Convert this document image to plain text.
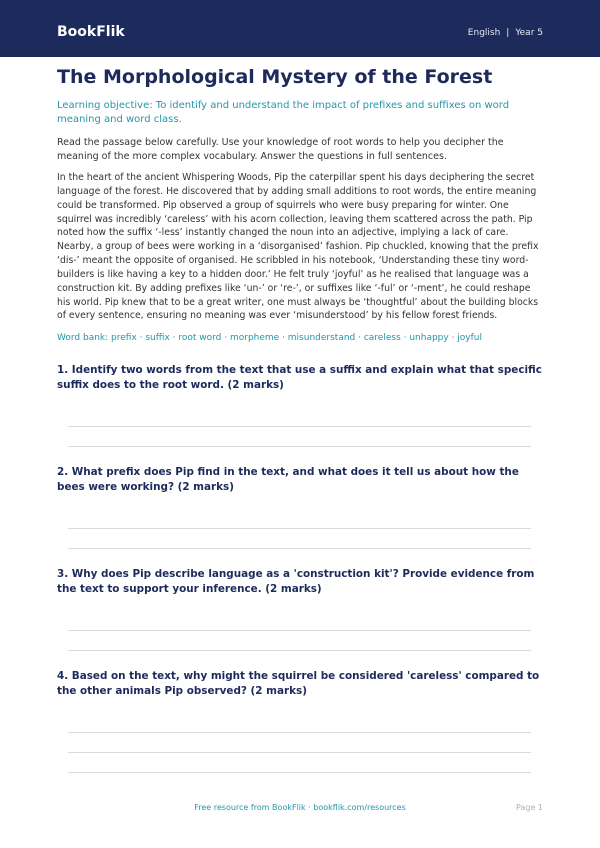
BookFlik	English | Year 5
The Morphological Mystery of the Forest

Learning objective: To identify and understand the impact of prefixes and suffixes on word meaning and word class.

Read the passage below carefully. Use your knowledge of root words to help you decipher the meaning of the more complex vocabulary. Answer the questions in full sentences.

In the heart of the ancient Whispering Woods, Pip the caterpillar spent his days deciphering the secret language of the forest. He discovered that by adding small additions to root words, the entire meaning could be transformed. Pip observed a group of squirrels who were busy preparing for winter. One squirrel was incredibly ‘careless’ with his acorn collection, leaving them scattered across the path. Pip noted how the suffix ‘-less’ instantly changed the noun into an adjective, implying a lack of care. Nearby, a group of bees were working in a ‘disorganised’ fashion. Pip chuckled, knowing that the prefix ‘dis-’ meant the opposite of organised. He scribbled in his notebook, ‘Understanding these tiny word-builders is like having a key to a hidden door.’ He felt truly ‘joyful’ as he realised that language was a construction kit. By adding prefixes like ‘un-’ or ‘re-’, or suffixes like ‘-ful’ or ‘-ment’, he could reshape his world. Pip knew that to be a great writer, one must always be ‘thoughtful’ about the building blocks of every sentence, ensuring no meaning was ever ‘misunderstood’ by his fellow forest friends.

Word bank: prefix · suffix · root word · morpheme · misunderstand · careless · unhappy · joyful

1. Identify two words from the text that use a suffix and explain what that specific suffix does to the root word. (2 marks)

2. What prefix does Pip find in the text, and what does it tell us about how the bees were working? (2 marks)

3. Why does Pip describe language as a 'construction kit'? Provide evidence from the text to support your inference. (2 marks)

4. Based on the text, why might the squirrel be considered 'careless' compared to the other animals Pip observed? (2 marks)

Free resource from BookFlik · bookflik.com/resources	Page 1
